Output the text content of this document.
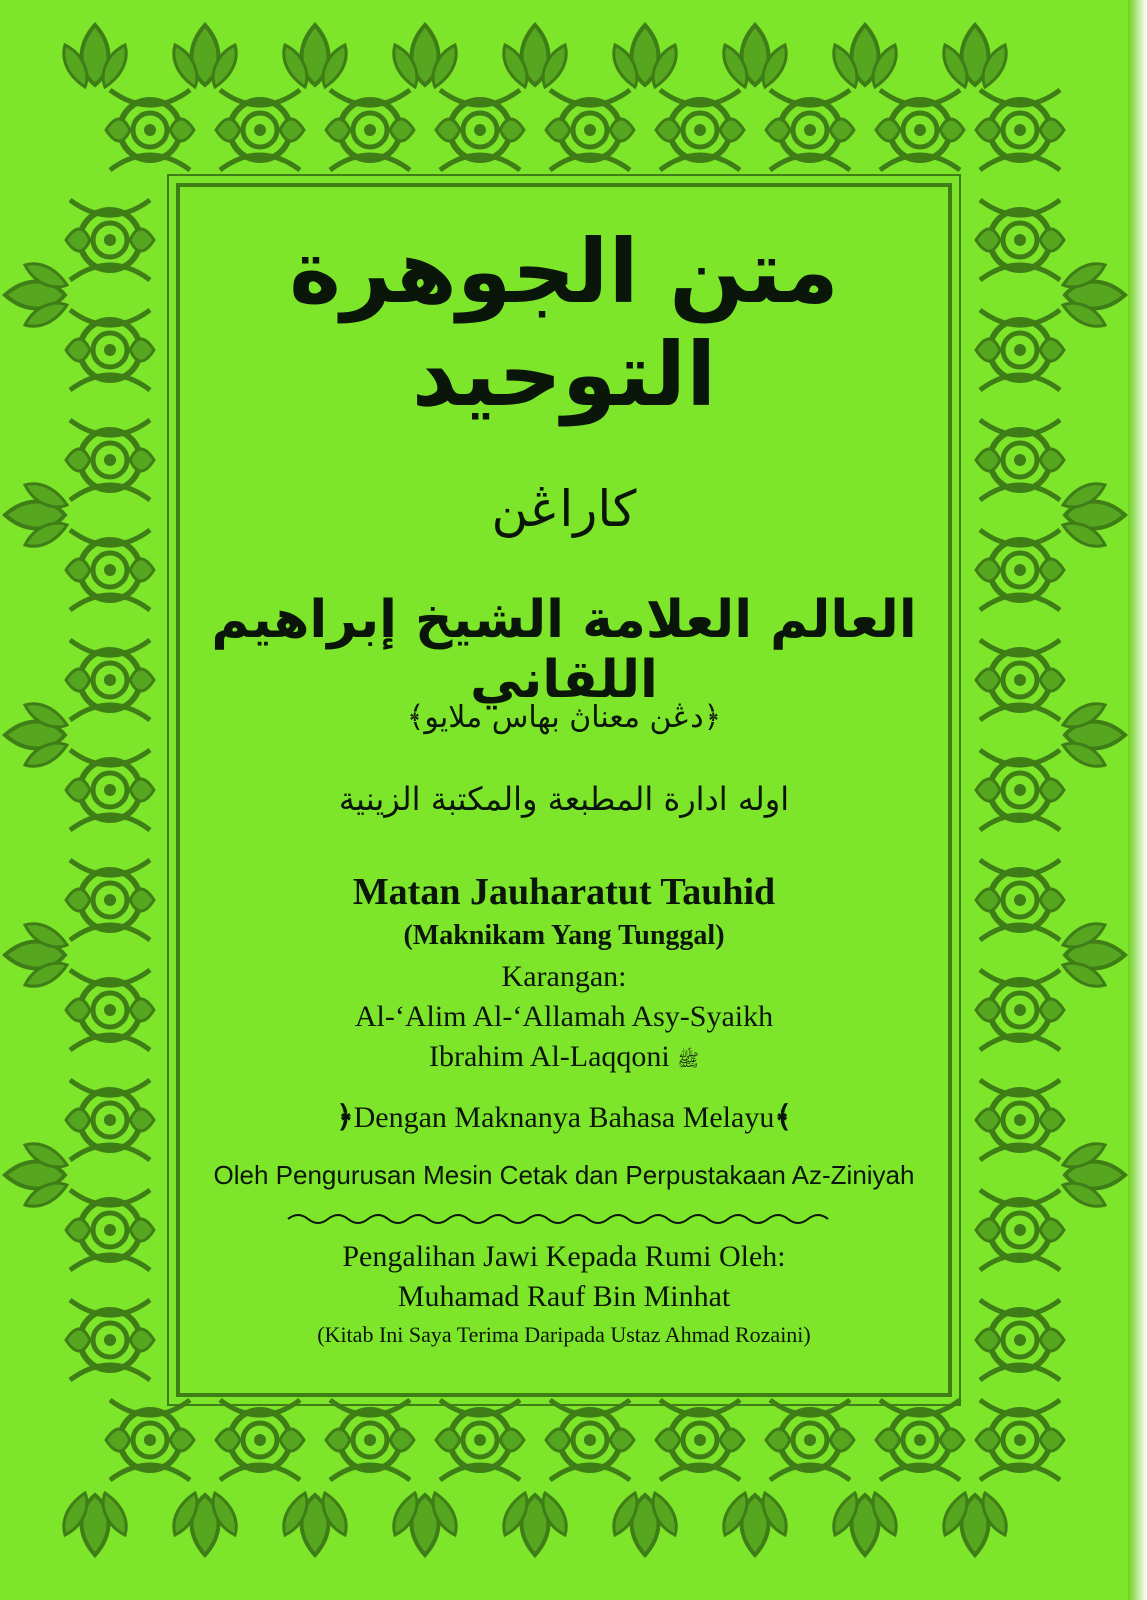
متن الجوهرة التوحيد
كاراڠن
العالم العلامة الشيخ إبراهيم اللقاني
﴿دڠن معناڽ بهاس ملايو﴾
اوله ادارة المطبعة والمكتبة الزينية
Matan Jauharatut Tauhid
(Maknikam Yang Tunggal)
Karangan:
Al-‘Alim Al-‘Allamah Asy-Syaikh
Ibrahim Al-Laqqoni ﷺ
﴿Dengan Maknanya Bahasa Melayu﴾
Oleh Pengurusan Mesin Cetak dan Perpustakaan Az-Ziniyah
Pengalihan Jawi Kepada Rumi Oleh:
Muhamad Rauf Bin Minhat
(Kitab Ini Saya Terima Daripada Ustaz Ahmad Rozaini)
